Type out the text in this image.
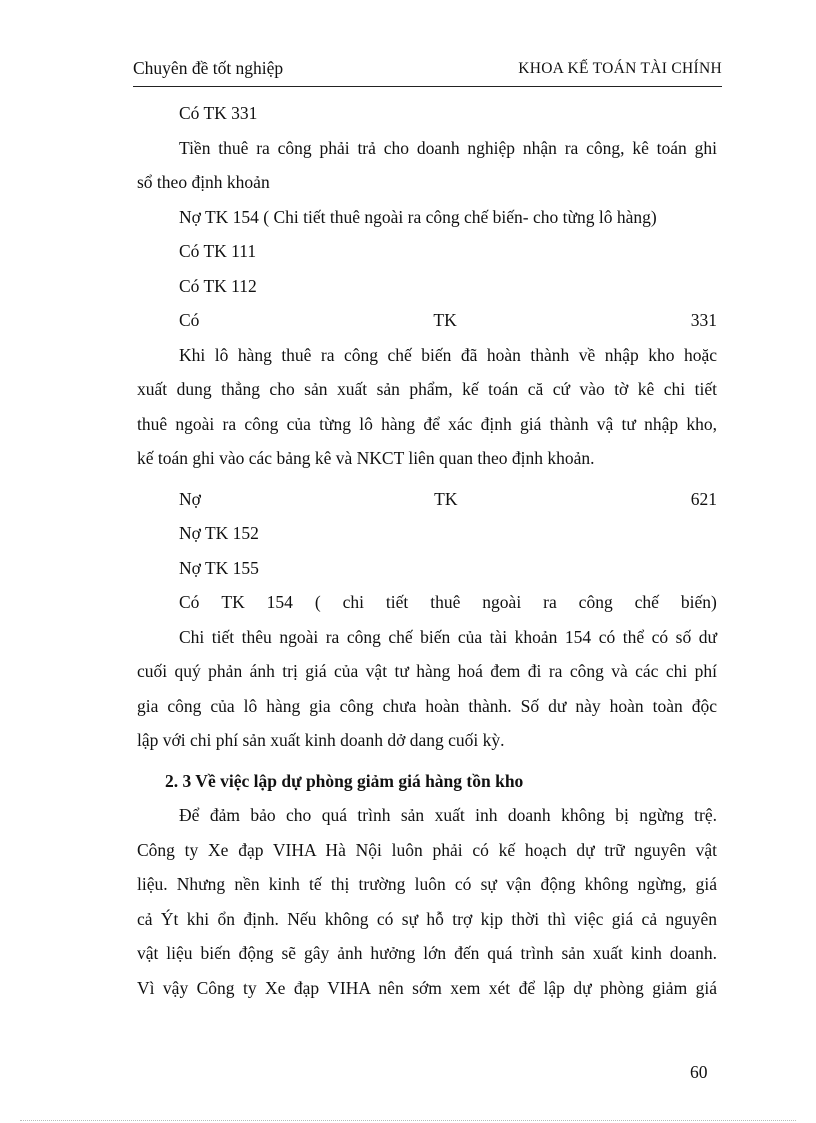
Chuyên đề tốt nghiệp	KHOA KẾ TOÁN TÀI CHÍNH
Có TK 331
Tiền thuê ra công phải trả cho doanh nghiệp nhận ra công, kê toán ghi
sổ theo định khoản
Nợ TK 154 ( Chi tiết thuê ngoài ra công chế biến- cho từng lô hàng)
Có TK 111
Có TK 112
Có	TK	331
Khi lô hàng thuê ra công chế biến đã hoàn thành về nhập kho hoặc
xuất dung thẳng cho sản xuất sản phẩm, kế toán că cứ vào tờ kê chi tiết
thuê ngoài ra công của từng lô hàng để xác định giá thành vậ tư nhập kho,
kế toán ghi vào các bảng kê và NKCT liên quan theo định khoản.
Nợ	TK	621
Nợ TK 152
Nợ TK 155
Có TK 154 ( chi tiết thuê ngoài ra công chế biến)
Chi tiết thêu ngoài ra công chế biến của tài khoản 154 có thể có số dư
cuối quý phản ánh trị giá của vật tư hàng hoá đem đi ra công và các chi phí
gia công của lô hàng gia công chưa hoàn thành. Số dư này hoàn toàn độc
lập với chi phí sản xuất kinh doanh dở dang cuối kỳ.
2. 3 Về việc lập dự phòng giảm giá hàng tồn kho
Để đảm bảo cho quá trình sản xuất inh doanh không bị ngừng trệ.
Công ty Xe đạp VIHA Hà Nội luôn phải có kế hoạch dự trữ nguyên vật
liệu. Nhưng nền kinh tế thị trường luôn có sự vận động không ngừng, giá
cả Ýt khi ổn định. Nếu không có sự hỗ trợ kịp thời thì việc giá cả nguyên
vật liệu biến động sẽ gây ảnh hưởng lớn đến quá trình sản xuất kinh doanh.
Vì vậy Công ty Xe đạp VIHA nên sớm xem xét để lập dự phòng giảm giá
60
